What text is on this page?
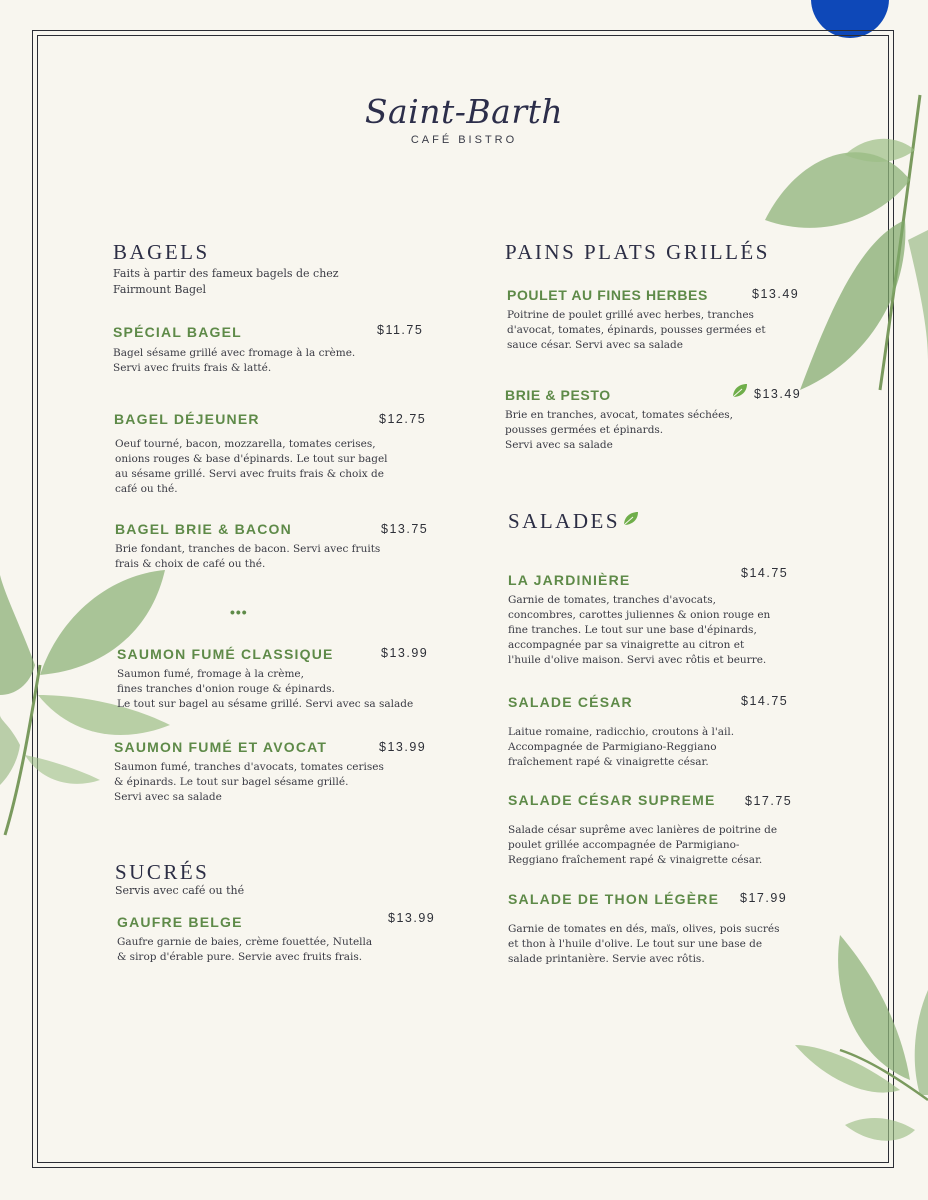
Saint-Barth
CAFÉ BISTRO
BAGELS
Faits à partir des fameux bagels de chez
Fairmount Bagel
SPÉCIAL BAGEL	$11.75
Bagel sésame grillé avec fromage à la crème.
Servi avec fruits frais & latté.
BAGEL DÉJEUNER	$12.75
Oeuf tourné, bacon, mozzarella, tomates cerises,
onions rouges & base d'épinards. Le tout sur bagel
au sésame grillé. Servi avec fruits frais & choix de
café ou thé.
BAGEL BRIE & BACON	$13.75
Brie fondant, tranches de bacon. Servi avec fruits
frais & choix de café ou thé.
•••
SAUMON FUMÉ CLASSIQUE	$13.99
Saumon fumé, fromage à la crème,
fines tranches d'onion rouge & épinards.
Le tout sur bagel au sésame grillé. Servi avec sa salade
SAUMON FUMÉ ET AVOCAT	$13.99
Saumon fumé, tranches d'avocats, tomates cerises
& épinards. Le tout sur bagel sésame grillé.
Servi avec sa salade
SUCRÉS
Servis avec café ou thé
GAUFRE BELGE	$13.99
Gaufre garnie de baies, crème fouettée, Nutella
& sirop d'érable pure. Servie avec fruits frais.
PAINS PLATS GRILLÉS
POULET AU FINES HERBES	$13.49
Poitrine de poulet grillé avec herbes, tranches
d'avocat, tomates, épinards, pousses germées et
sauce césar. Servi avec sa salade
BRIE & PESTO	$13.49
Brie en tranches, avocat, tomates séchées,
pousses germées et épinards.
Servi avec sa salade
SALADES
LA JARDINIÈRE	$14.75
Garnie de tomates, tranches d'avocats,
concombres, carottes juliennes & onion rouge en
fine tranches. Le tout sur une base d'épinards,
accompagnée par sa vinaigrette au citron et
l'huile d'olive maison. Servi avec rôtis et beurre.
SALADE CÉSAR	$14.75
Laitue romaine, radicchio, croutons à l'ail.
Accompagnée de Parmigiano-Reggiano
fraîchement rapé & vinaigrette césar.
SALADE CÉSAR SUPREME $17.75
Salade césar suprême avec lanières de poitrine de
poulet grillée accompagnée de Parmigiano-
Reggiano fraîchement rapé & vinaigrette césar.
SALADE DE THON LÉGÈRE $17.99
Garnie de tomates en dés, maïs, olives, pois sucrés
et thon à l'huile d'olive. Le tout sur une base de
salade printanière. Servie avec rôtis.
